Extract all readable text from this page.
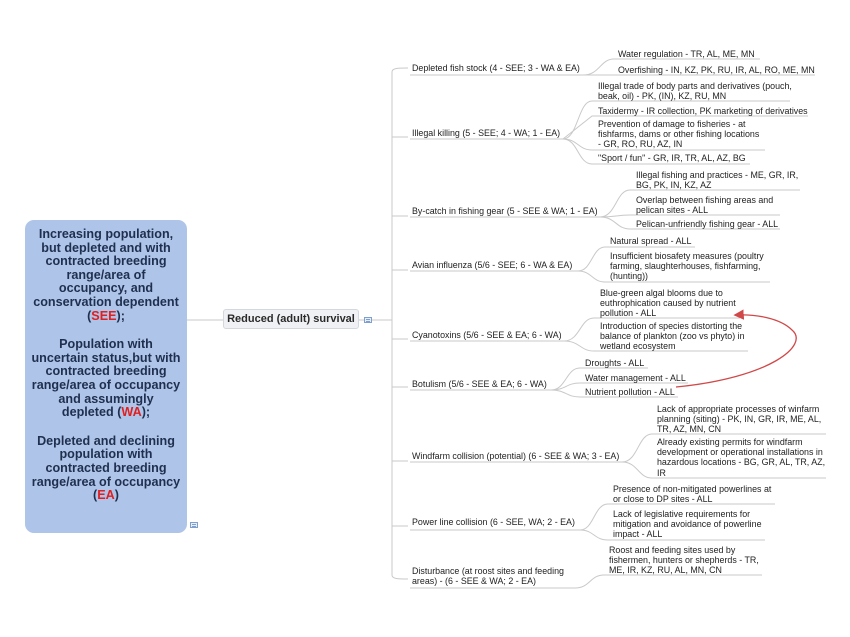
Increasing population, but depleted and with contracted breeding range/area of occupancy, and conservation dependent (SEE);

Population with uncertain status,but with contracted breeding range/area of occupancy and assumingly depleted (WA);

Depleted and declining population with contracted breeding range/area of occupancy (EA)

Reduced (adult) survival
Depleted fish stock (4 - SEE; 3 - WA & EA)
Illegal killing (5 - SEE; 4 - WA; 1 - EA)
By-catch in fishing gear (5 - SEE & WA; 1 - EA)
Avian influenza (5/6 - SEE; 6 - WA & EA)
Cyanotoxins (5/6 - SEE & EA; 6 - WA)
Botulism (5/6 - SEE & EA; 6 - WA)
Windfarm collision (potential) (6 - SEE & WA; 3 - EA)
Power line collision (6 - SEE, WA; 2 - EA)
Disturbance (at roost sites and feeding areas) - (6 - SEE & WA; 2 - EA)
Water regulation - TR, AL, ME, MN
Overfishing - IN, KZ, PK, RU, IR, AL, RO, ME, MN
Illegal trade of body parts and derivatives (pouch, beak, oil) - PK, (IN), KZ, RU, MN
Taxidermy - IR collection, PK marketing of derivatives
Prevention of damage to fisheries - at fishfarms, dams or other fishing locations - GR, RO, RU, AZ, IN
"Sport / fun" - GR, IR, TR, AL, AZ, BG
Illegal fishing and practices - ME, GR, IR, BG, PK, IN, KZ, AZ
Overlap between fishing areas and pelican sites - ALL
Pelican-unfriendly fishing gear - ALL
Natural spread - ALL
Insufficient biosafety measures (poultry farming, slaughterhouses, fishfarming, (hunting))
Blue-green algal blooms due to euthrophication caused by nutrient pollution - ALL
Introduction of species distorting the balance of plankton (zoo vs phyto) in wetland ecosystem
Droughts - ALL
Water management - ALL
Nutrient pollution - ALL
Lack of appropriate processes of winfarm planning (siting) - PK, IN, GR, IR, ME, AL, TR, AZ, MN, CN
Already existing permits for windfarm development or operational installations in hazardous locations - BG, GR, AL, TR, AZ, IR
Presence of non-mitigated powerlines at or close to DP sites - ALL
Lack of legislative requirements for mitigation and avoidance of powerline impact - ALL
Roost and feeding sites used by fishermen, hunters or shepherds - TR, ME, IR, KZ, RU, AL, MN, CN
